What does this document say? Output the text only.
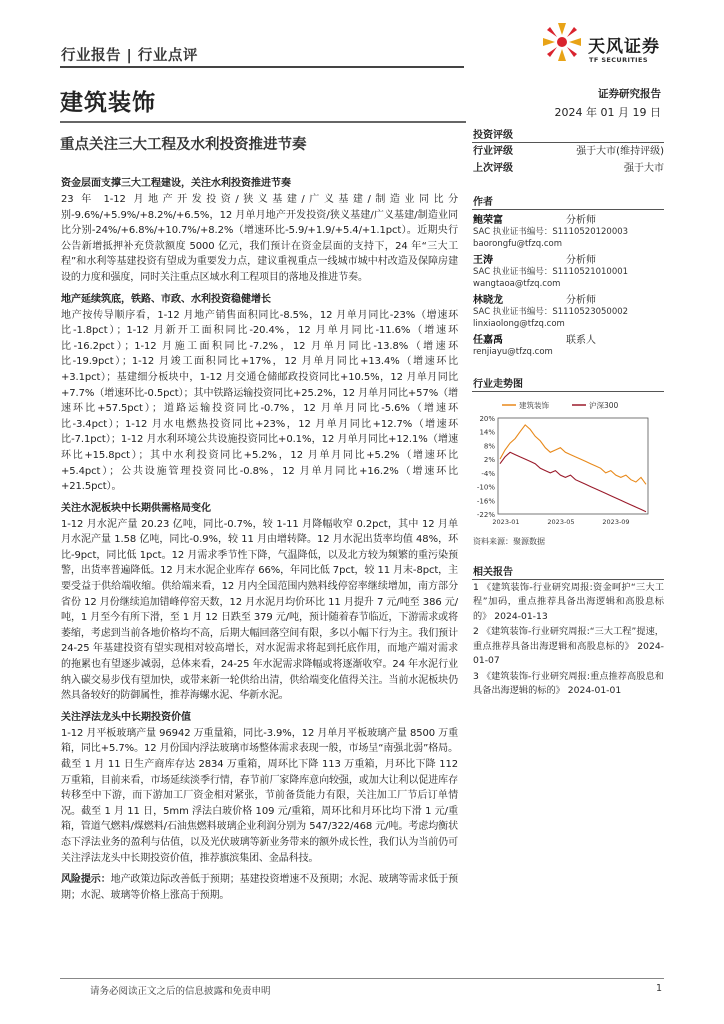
行业报告 | 行业点评	天风证券
TF SECURITIES
建筑装饰	证券研究报告
2024 年 01 月 19 日
重点关注三大工程及水利投资推进节奏
资金层面支撑三大工程建设，关注水利投资推进节奏
23 年 1-12 月地产开发投资/狭义基建/广义基建/制造业同比分别-9.6%/+5.9%/+8.2%/+6.5%，12 月单月地产开发投资/狭义基建/广义基建/制造业同比分别-24%/+6.8%/+10.7%/+8.2%（增速环比-5.9/+1.9/+5.4/+1.1pct）。近期央行公告新增抵押补充贷款额度 5000 亿元，我们预计在资金层面的支持下，24 年“三大工程”和水利等基建投资有望成为重要发力点，建议重视重点一线城市城中村改造及保障房建设的力度和强度，同时关注重点区域水利工程项目的落地及推进节奏。
地产延续筑底，铁路、市政、水利投资稳健增长
地产按传导顺序看，1-12 月地产销售面积同比-8.5%，12 月单月同比-23%（增速环比-1.8pct）；1-12 月新开工面积同比-20.4%，12 月单月同比-11.6%（增速环比-16.2pct）；1-12 月施工面积同比-7.2%，12 月单月同比-13.8%（增速环比-19.9pct）；1-12 月竣工面积同比+17%，12 月单月同比+13.4%（增速环比+3.1pct）；基建细分板块中，1-12 月交通仓储邮政投资同比+10.5%，12 月单月同比+7.7%（增速环比-0.5pct）；其中铁路运输投资同比+25.2%，12 月单月同比+57%（增速环比+57.5pct）；道路运输投资同比-0.7%，12 月单月同比-5.6%（增速环比-3.4pct）；1-12 月水电燃热投资同比+23%，12 月单月同比+12.7%（增速环比-7.1pct）；1-12 月水利环境公共设施投资同比+0.1%，12 月单月同比+12.1%（增速环比+15.8pct）；其中水利投资同比+5.2%，12 月单月同比+5.2%（增速环比+5.4pct）；公共设施管理投资同比-0.8%，12 月单月同比+16.2%（增速环比+21.5pct）。
关注水泥板块中长期供需格局变化
1-12 月水泥产量 20.23 亿吨，同比-0.7%，较 1-11 月降幅收窄 0.2pct，其中 12 月单月水泥产量 1.58 亿吨，同比-0.9%，较 11 月由增转降。12 月水泥出货率均值 48%，环比-9pct，同比低 1pct。12 月需求季节性下降，气温降低，以及北方较为频繁的重污染预警，出货率普遍降低。12 月末水泥企业库存 66%，年同比低 7pct，较 11 月末-8pct，主要受益于供给端收缩。供给端来看，12 月内全国范围内熟料线停窑率继续增加，南方部分省份 12 月份继续追加错峰停窑天数，12 月水泥月均价环比 11 月提升 7 元/吨至 386 元/吨，1 月至今有所下滑，至 1 月 12 日跌至 379 元/吨，预计随着春节临近，下游需求或将萎缩，考虑到当前各地价格均不高，后期大幅回落空间有限，多以小幅下行为主。我们预计 24-25 年基建投资有望实现相对较高增长，对水泥需求将起到托底作用，而地产端对需求的拖累也有望逐步减弱，总体来看，24-25 年水泥需求降幅或将逐渐收窄。24 年水泥行业纳入碳交易步伐有望加快，或带来新一轮供给出清，供给端变化值得关注。当前水泥板块仍然具备较好的防御属性，推荐海螺水泥、华新水泥。
关注浮法龙头中长期投资价值
1-12 月平板玻璃产量 96942 万重量箱，同比-3.9%，12 月单月平板玻璃产量 8500 万重箱，同比+5.7%。12 月份国内浮法玻璃市场整体需求表现一般，市场呈“南强北弱”格局。截至 1 月 11 日生产商库存达 2834 万重箱，周环比下降 113 万重箱，月环比下降 112 万重箱，目前来看，市场延续淡季行情，春节前厂家降库意向较强，或加大让利以促进库存转移至中下游，而下游加工厂资金相对紧张，节前备货能力有限，关注加工厂节后订单情况。截至 1 月 11 日，5mm 浮法白玻价格 109 元/重箱，周环比和月环比均下滑 1 元/重箱，管道气燃料/煤燃料/石油焦燃料玻璃企业利润分别为 547/322/468 元/吨。考虑均衡状态下浮法业务的盈利与估值，以及光伏玻璃等新业务带来的额外成长性，我们认为当前仍可关注浮法龙头中长期投资价值，推荐旗滨集团、金晶科技。
风险提示：地产政策边际改善低于预期；基建投资增速不及预期；水泥、玻璃等需求低于预期；水泥、玻璃等价格上涨高于预期。
投资评级
行业评级	强于大市(维持评级)
上次评级	强于大市
作者
鲍荣富	分析师
SAC 执业证书编号：S1110520120003
baorongfu@tfzq.com
王涛	分析师
SAC 执业证书编号：S1110521010001
wangtaoa@tfzq.com
林晓龙	分析师
SAC 执业证书编号：S1110523050002
linxiaolong@tfzq.com
任嘉禹	联系人
renjiayu@tfzq.com
行业走势图
20%
14%
8%
2%
-4%
-10%
-16%
-22%
2023-01	2023-05	2023-09
建筑装饰	沪深300
资料来源：聚源数据
相关报告
1 《建筑装饰-行业研究周报:资金呵护“三大工程”加码，重点推荐具备出海逻辑和高股息标的》 2024-01-13
2 《建筑装饰-行业研究周报:“三大工程”提速，重点推荐具备出海逻辑和高股息标的》 2024-01-07
3 《建筑装饰-行业研究周报:重点推荐高股息和具备出海逻辑的标的》 2024-01-01
请务必阅读正文之后的信息披露和免责申明	1
